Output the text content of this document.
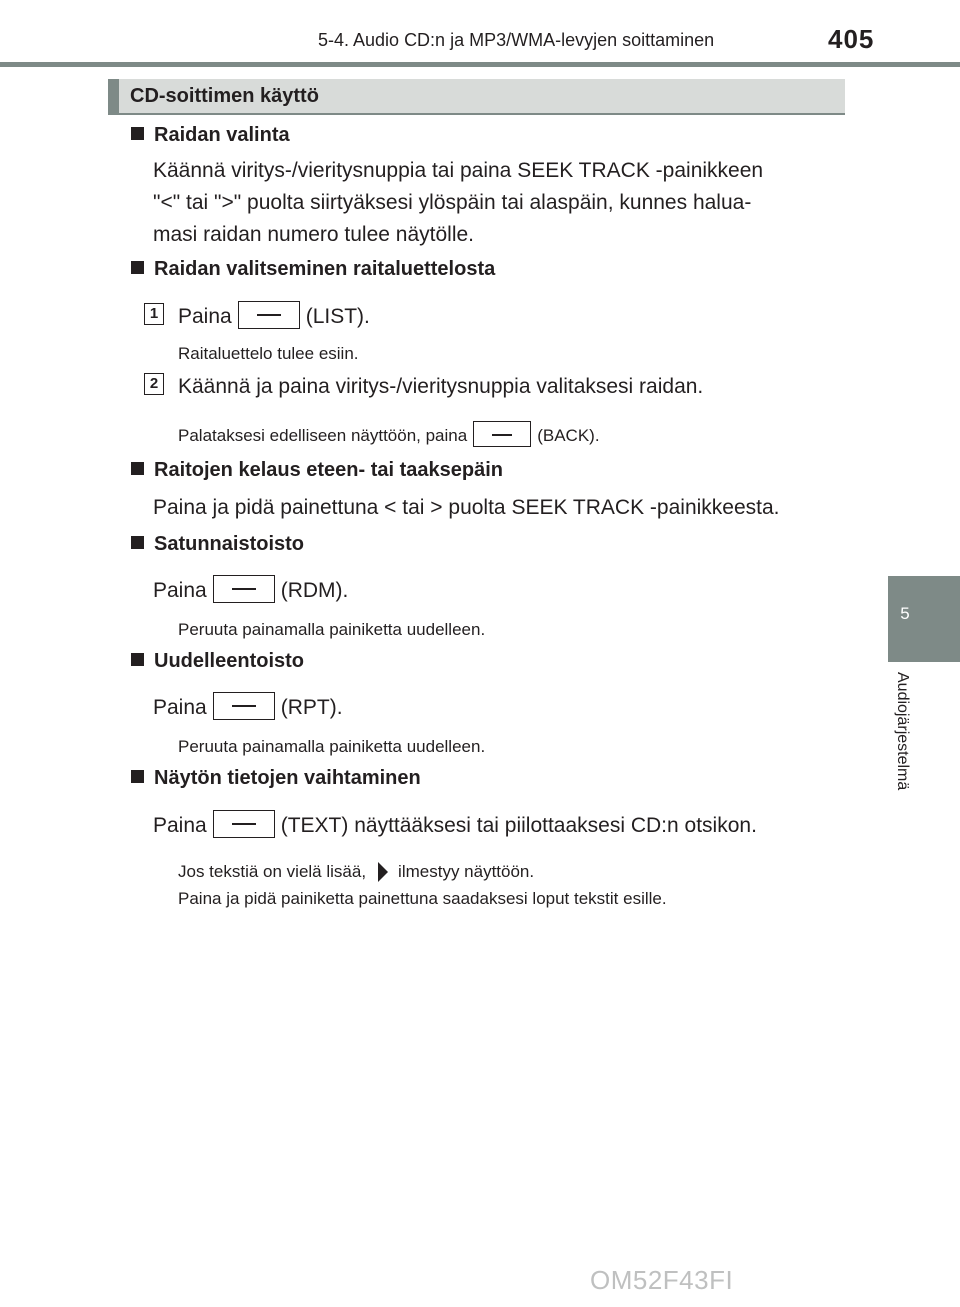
5-4. Audio CD:n ja MP3/WMA-levyjen soittaminen	405
5
Audiojärjestelmä
CD-soittimen käyttö
Raidan valinta
Käännä viritys-/vieritysnuppia tai paina SEEK TRACK -painikkeen
"<" tai ">" puolta siirtyäksesi ylöspäin tai alaspäin, kunnes halua-
masi raidan numero tulee näytölle.
Raidan valitseminen raitaluettelosta
1 Paina	(LIST).
Raitaluettelo tulee esiin.
2 Käännä ja paina viritys-/vieritysnuppia valitaksesi raidan.
Palataksesi edelliseen näyttöön, paina	(BACK).
Raitojen kelaus eteen- tai taaksepäin
Paina ja pidä painettuna < tai > puolta SEEK TRACK -painikkeesta.
Satunnaistoisto
Paina	(RDM).
Peruuta painamalla painiketta uudelleen.
Uudelleentoisto
Paina	(RPT).
Peruuta painamalla painiketta uudelleen.
Näytön tietojen vaihtaminen
Paina	(TEXT) näyttääksesi tai piilottaaksesi CD:n otsikon.
Jos tekstiä on vielä lisää, ilmestyy näyttöön.
Paina ja pidä painiketta painettuna saadaksesi loput tekstit esille.
OM52F43FI
